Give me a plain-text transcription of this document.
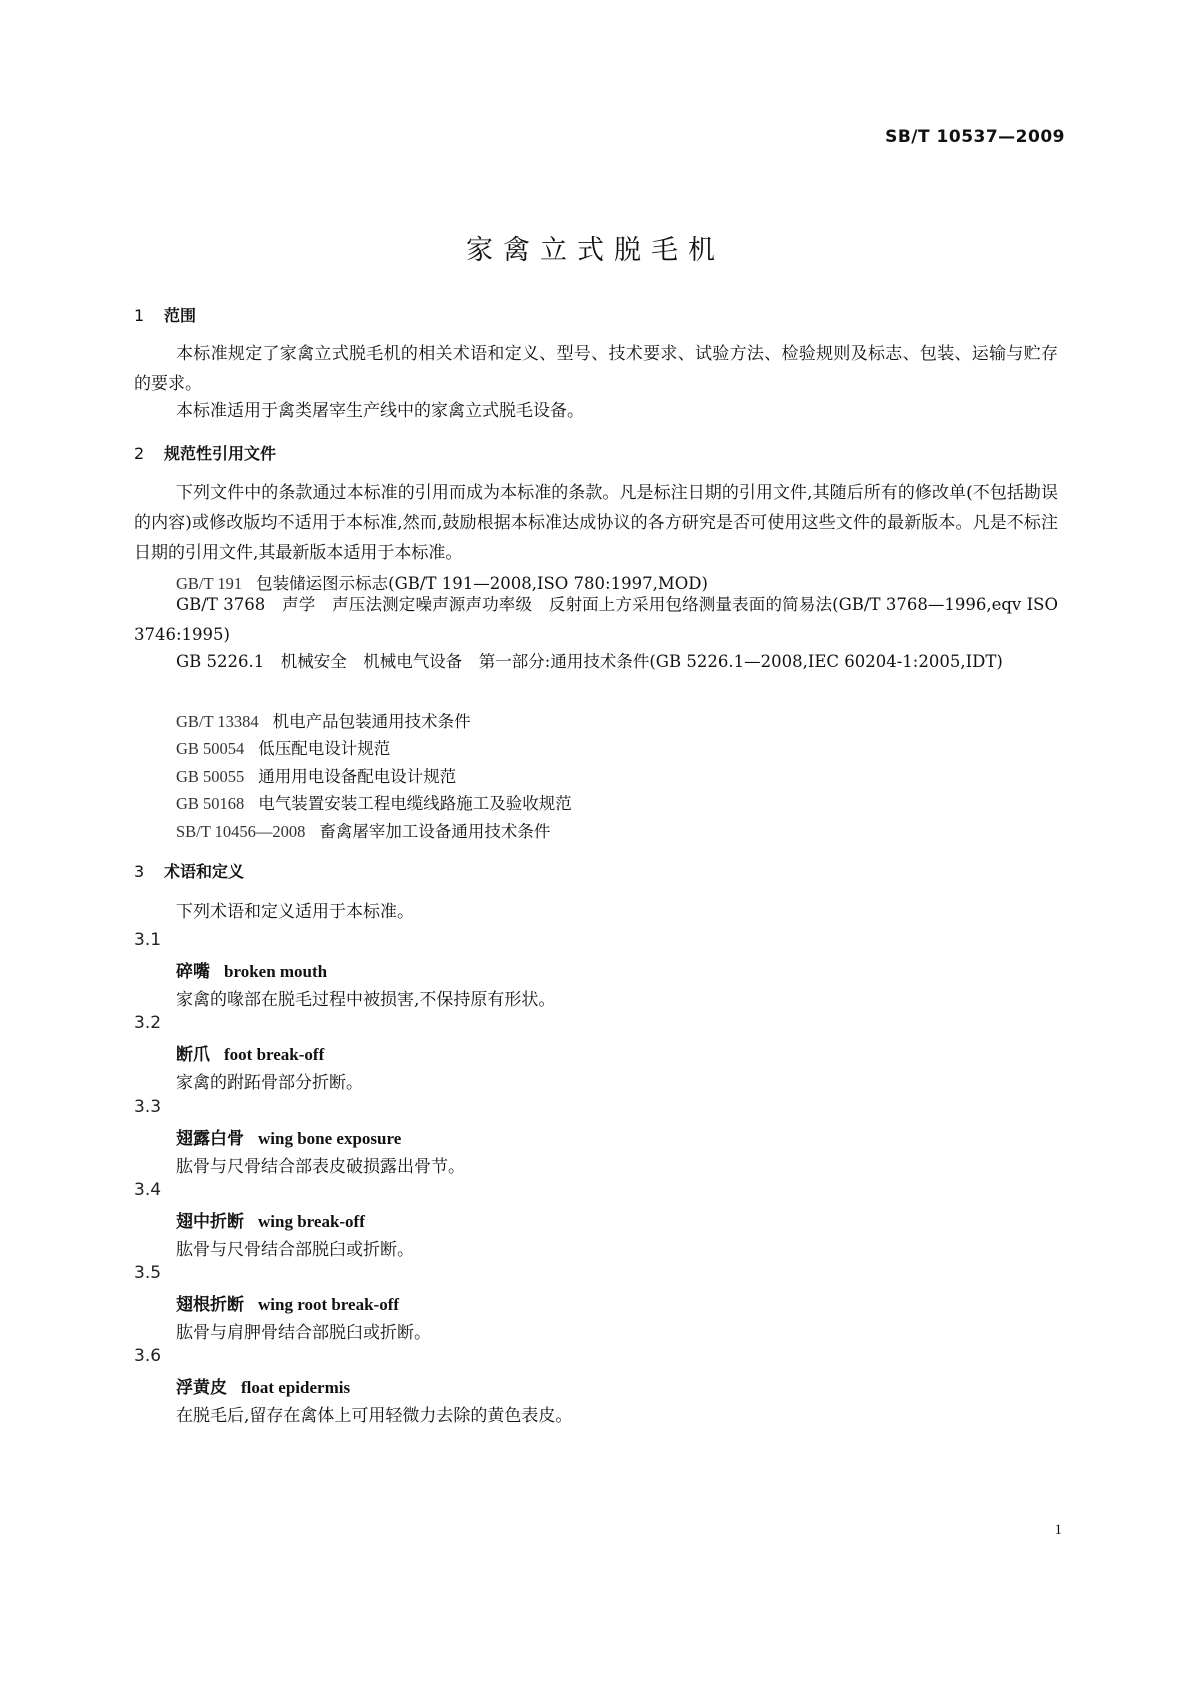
SB/T 10537—2009
家禽立式脱毛机
1 范围
本标准规定了家禽立式脱毛机的相关术语和定义、型号、技术要求、试验方法、检验规则及标志、包装、运输与贮存的要求。
本标准适用于禽类屠宰生产线中的家禽立式脱毛设备。
2 规范性引用文件
下列文件中的条款通过本标准的引用而成为本标准的条款。凡是标注日期的引用文件,其随后所有的修改单(不包括勘误的内容)或修改版均不适用于本标准,然而,鼓励根据本标准达成协议的各方研究是否可使用这些文件的最新版本。凡是不标注日期的引用文件,其最新版本适用于本标准。
GB/T 191 包装储运图示标志(GB/T 191—2008,ISO 780:1997,MOD)
GB/T 3768　 声学　声压法测定噪声源声功率级　反射面上方采用包络测量表面的简易法(GB/T 3768—1996,eqv ISO 3746:1995)
GB 5226.1　 机械安全　机械电气设备　第一部分:通用技术条件(GB 5226.1—2008,IEC 60204-1:2005,IDT)
GB/T 13384 机电产品包装通用技术条件
GB 50054 低压配电设计规范
GB 50055 通用用电设备配电设计规范
GB 50168 电气装置安装工程电缆线路施工及验收规范
SB/T 10456—2008 畜禽屠宰加工设备通用技术条件
3 术语和定义
下列术语和定义适用于本标准。
3.1
碎嘴 broken mouth
家禽的喙部在脱毛过程中被损害,不保持原有形状。
3.2
断爪 foot break-off
家禽的跗跖骨部分折断。
3.3
翅露白骨 wing bone exposure
肱骨与尺骨结合部表皮破损露出骨节。
3.4
翅中折断 wing break-off
肱骨与尺骨结合部脱臼或折断。
3.5
翅根折断 wing root break-off
肱骨与肩胛骨结合部脱臼或折断。
3.6
浮黄皮 float epidermis
在脱毛后,留存在禽体上可用轻微力去除的黄色表皮。
1
